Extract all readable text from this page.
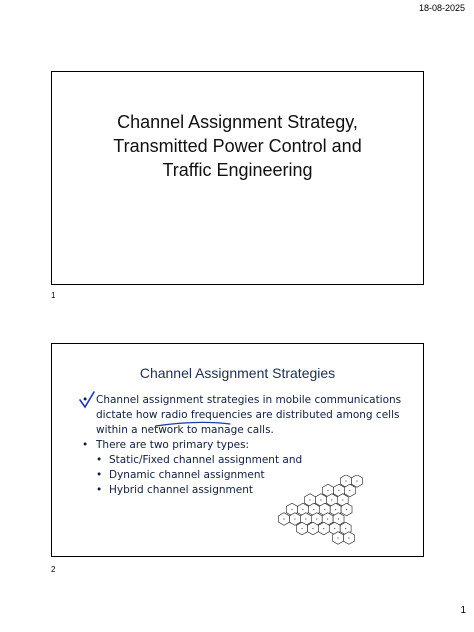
18-08-2025
Channel Assignment Strategy,
Transmitted Power Control and
Traffic Engineering
1
Channel Assignment Strategies
• Channel assignment strategies in mobile communications
dictate how radio frequencies are distributed among cells
within a network to manage calls.
• There are two primary types:
• Static/Fixed channel assignment and
• Dynamic channel assignment
• Hybrid channel assignment
2
1
